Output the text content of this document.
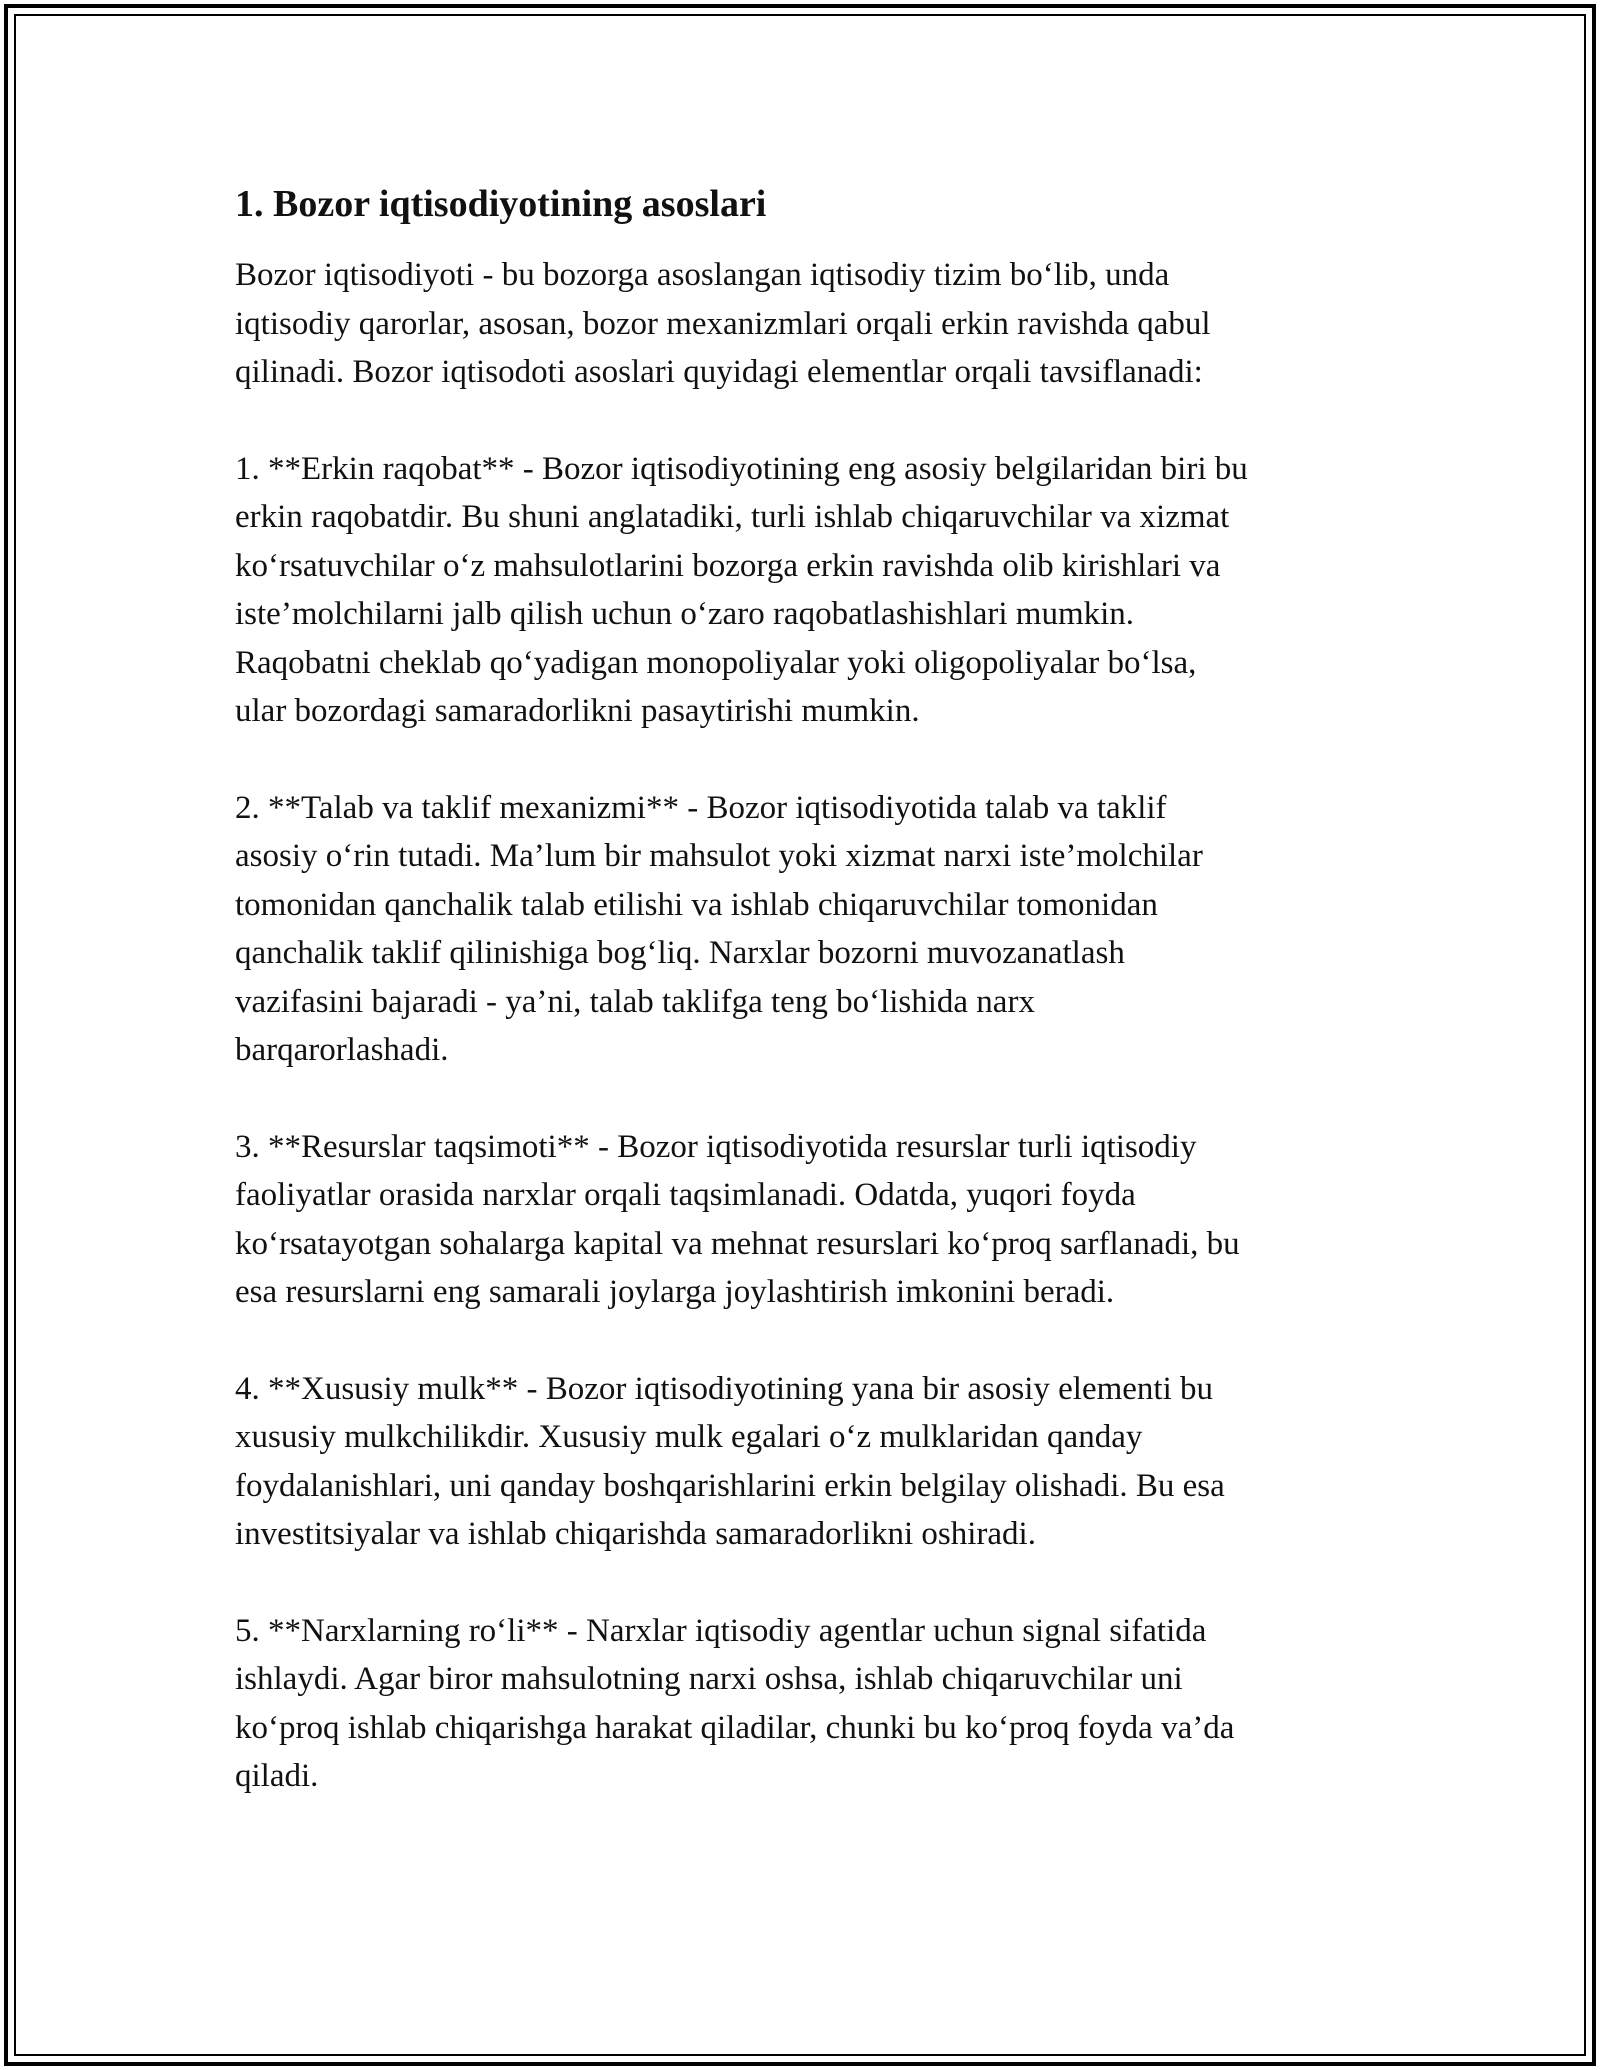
1. Bozor iqtisodiyotining asoslari

Bozor iqtisodiyoti - bu bozorga asoslangan iqtisodiy tizim bo‘lib, unda
iqtisodiy qarorlar, asosan, bozor mexanizmlari orqali erkin ravishda qabul
qilinadi. Bozor iqtisodoti asoslari quyidagi elementlar orqali tavsiflanadi:

1. **Erkin raqobat** - Bozor iqtisodiyotining eng asosiy belgilaridan biri bu
erkin raqobatdir. Bu shuni anglatadiki, turli ishlab chiqaruvchilar va xizmat
ko‘rsatuvchilar o‘z mahsulotlarini bozorga erkin ravishda olib kirishlari va
iste’molchilarni jalb qilish uchun o‘zaro raqobatlashishlari mumkin.
Raqobatni cheklab qo‘yadigan monopoliyalar yoki oligopoliyalar bo‘lsa,
ular bozordagi samaradorlikni pasaytirishi mumkin.

2. **Talab va taklif mexanizmi** - Bozor iqtisodiyotida talab va taklif
asosiy o‘rin tutadi. Ma’lum bir mahsulot yoki xizmat narxi iste’molchilar
tomonidan qanchalik talab etilishi va ishlab chiqaruvchilar tomonidan
qanchalik taklif qilinishiga bog‘liq. Narxlar bozorni muvozanatlash
vazifasini bajaradi - ya’ni, talab taklifga teng bo‘lishida narx
barqarorlashadi.

3. **Resurslar taqsimoti** - Bozor iqtisodiyotida resurslar turli iqtisodiy
faoliyatlar orasida narxlar orqali taqsimlanadi. Odatda, yuqori foyda
ko‘rsatayotgan sohalarga kapital va mehnat resurslari ko‘proq sarflanadi, bu
esa resurslarni eng samarali joylarga joylashtirish imkonini beradi.

4. **Xususiy mulk** - Bozor iqtisodiyotining yana bir asosiy elementi bu
xususiy mulkchilikdir. Xususiy mulk egalari o‘z mulklaridan qanday
foydalanishlari, uni qanday boshqarishlarini erkin belgilay olishadi. Bu esa
investitsiyalar va ishlab chiqarishda samaradorlikni oshiradi.

5. **Narxlarning ro‘li** - Narxlar iqtisodiy agentlar uchun signal sifatida
ishlaydi. Agar biror mahsulotning narxi oshsa, ishlab chiqaruvchilar uni
ko‘proq ishlab chiqarishga harakat qiladilar, chunki bu ko‘proq foyda va’da
qiladi.
